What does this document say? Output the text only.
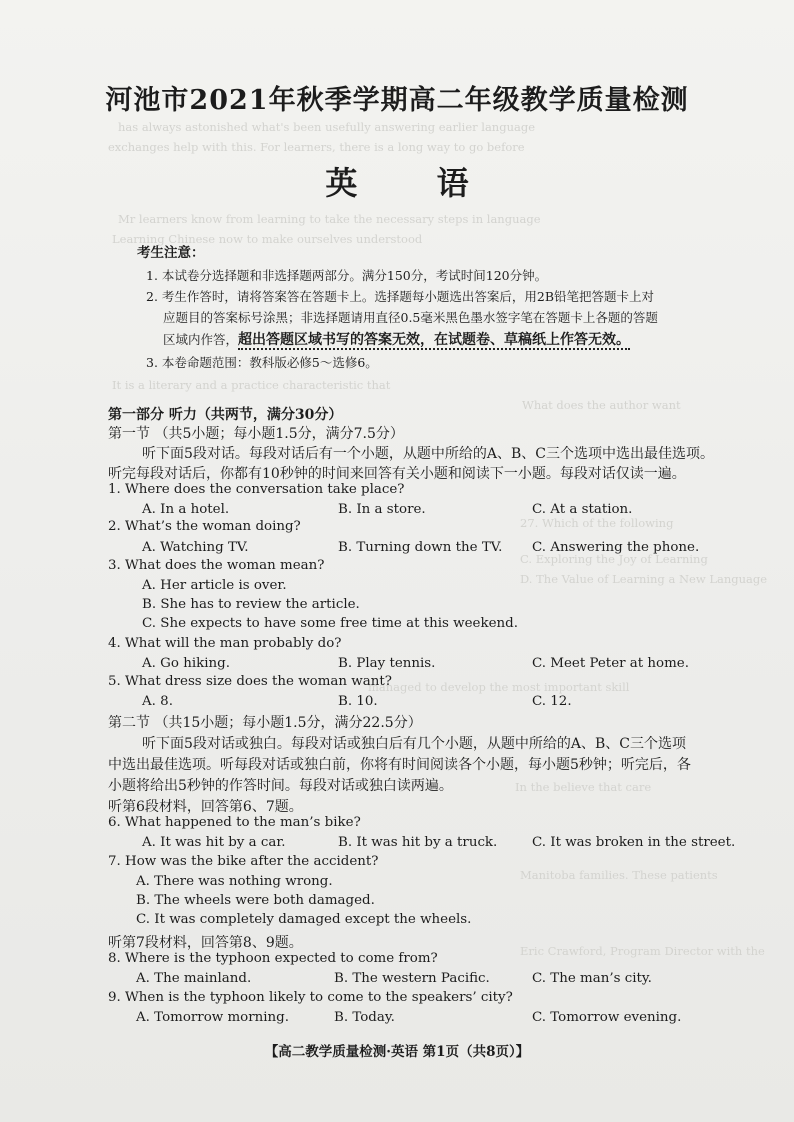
has always astonished what's been usefully answering earlier language
exchanges help with this. For learners, there is a long way to go before
Mr learners know from learning to take the necessary steps in language
Learning Chinese now to make ourselves understood
It is a literary and a practice characteristic that
What does the author want
27. Which of the following
C. Exploring the Joy of Learning
D. The Value of Learning a New Language
managed to develop the most important skill
In the believe that care
Manitoba families. These patients
Eric Crawford, Program Director with the
河池市2021年秋季学期高二年级教学质量检测
英 语
考生注意：
1. 本试卷分选择题和非选择题两部分。满分150分，考试时间120分钟。
2. 考生作答时，请将答案答在答题卡上。选择题每小题选出答案后，用2B铅笔把答题卡上对
应题目的答案标号涂黑；非选择题请用直径0.5毫米黑色墨水签字笔在答题卡上各题的答题
区域内作答，超出答题区域书写的答案无效，在试题卷、草稿纸上作答无效。
3. 本卷命题范围：教科版必修5～选修6。
第一部分 听力（共两节，满分30分）
第一节 （共5小题；每小题1.5分，满分7.5分）
听下面5段对话。每段对话后有一个小题，从题中所给的A、B、C三个选项中选出最佳选项。
听完每段对话后，你都有10秒钟的时间来回答有关小题和阅读下一小题。每段对话仅读一遍。
1. Where does the conversation take place?
A. In a hotel.	B. In a store.	C. At a station.
2. What’s the woman doing?
A. Watching TV.	B. Turning down the TV. C. Answering the phone.
3. What does the woman mean?
A. Her article is over.
B. She has to review the article.
C. She expects to have some free time at this weekend.
4. What will the man probably do?
A. Go hiking.	B. Play tennis.	C. Meet Peter at home.
5. What dress size does the woman want?
A. 8.	B. 10.	C. 12.
第二节 （共15小题；每小题1.5分，满分22.5分）
听下面5段对话或独白。每段对话或独白后有几个小题，从题中所给的A、B、C三个选项
中选出最佳选项。听每段对话或独白前，你将有时间阅读各个小题，每小题5秒钟；听完后，各
小题将给出5秒钟的作答时间。每段对话或独白读两遍。
听第6段材料，回答第6、7题。
6. What happened to the man’s bike?
A. It was hit by a car.	B. It was hit by a truck.	C. It was broken in the street.
7. How was the bike after the accident?
A. There was nothing wrong.
B. The wheels were both damaged.
C. It was completely damaged except the wheels.
听第7段材料，回答第8、9题。
8. Where is the typhoon expected to come from?
A. The mainland.	B. The western Pacific.	C. The man’s city.
9. When is the typhoon likely to come to the speakers’ city?
A. Tomorrow morning.	B. Today.	C. Tomorrow evening.
【高二教学质量检测·英语 第1页（共8页）】
